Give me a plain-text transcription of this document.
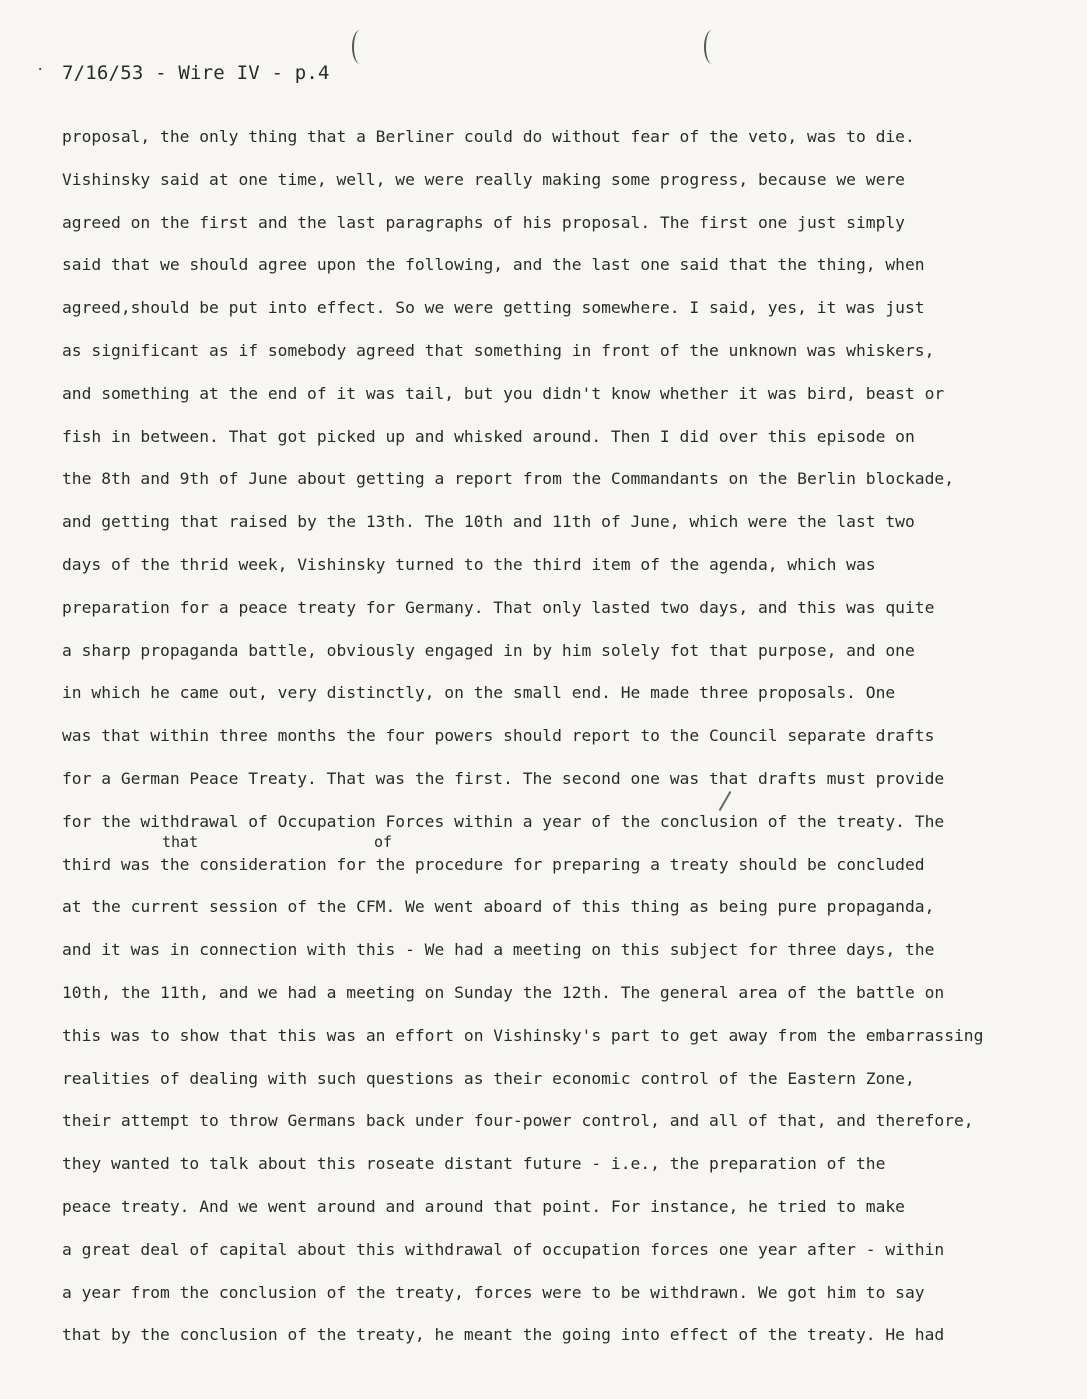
· 7/16/53 - Wire IV - p.4
proposal, the only thing that a Berliner could do without fear of the veto, was to die.
Vishinsky said at one time, well, we were really making some progress, because we were
agreed on the first and the last paragraphs of his proposal. The first one just simply
said that we should agree upon the following, and the last one said that the thing, when
agreed,should be put into effect. So we were getting somewhere. I said, yes, it was just
as significant as if somebody agreed that something in front of the unknown was whiskers,
and something at the end of it was tail, but you didn't know whether it was bird, beast or
fish in between. That got picked up and whisked around. Then I did over this episode on
the 8th and 9th of June about getting a report from the Commandants on the Berlin blockade,
and getting that raised by the 13th. The 10th and 11th of June, which were the last two
days of the thrid week, Vishinsky turned to the third item of the agenda, which was
preparation for a peace treaty for Germany. That only lasted two days, and this was quite
a sharp propaganda battle, obviously engaged in by him solely fot that purpose, and one
in which he came out, very distinctly, on the small end. He made three proposals. One
was that within three months the four powers should report to the Council separate drafts
for a German Peace Treaty. That was the first. The second one was that drafts must provide
for the withdrawal of Occupation Forces within a year of the conclusion of the treaty. The
that	of
third was the consideration for the procedure for preparing a treaty should be concluded
at the current session of the CFM. We went aboard of this thing as being pure propaganda,
and it was in connection with this - We had a meeting on this subject for three days, the
10th, the 11th, and we had a meeting on Sunday the 12th. The general area of the battle on
this was to show that this was an effort on Vishinsky's part to get away from the embarrassing
realities of dealing with such questions as their economic control of the Eastern Zone,
their attempt to throw Germans back under four-power control, and all of that, and therefore,
they wanted to talk about this roseate distant future - i.e., the preparation of the
peace treaty. And we went around and around that point. For instance, he tried to make
a great deal of capital about this withdrawal of occupation forces one year after - within
a year from the conclusion of the treaty, forces were to be withdrawn. We got him to say
that by the conclusion of the treaty, he meant the going into effect of the treaty. He had
